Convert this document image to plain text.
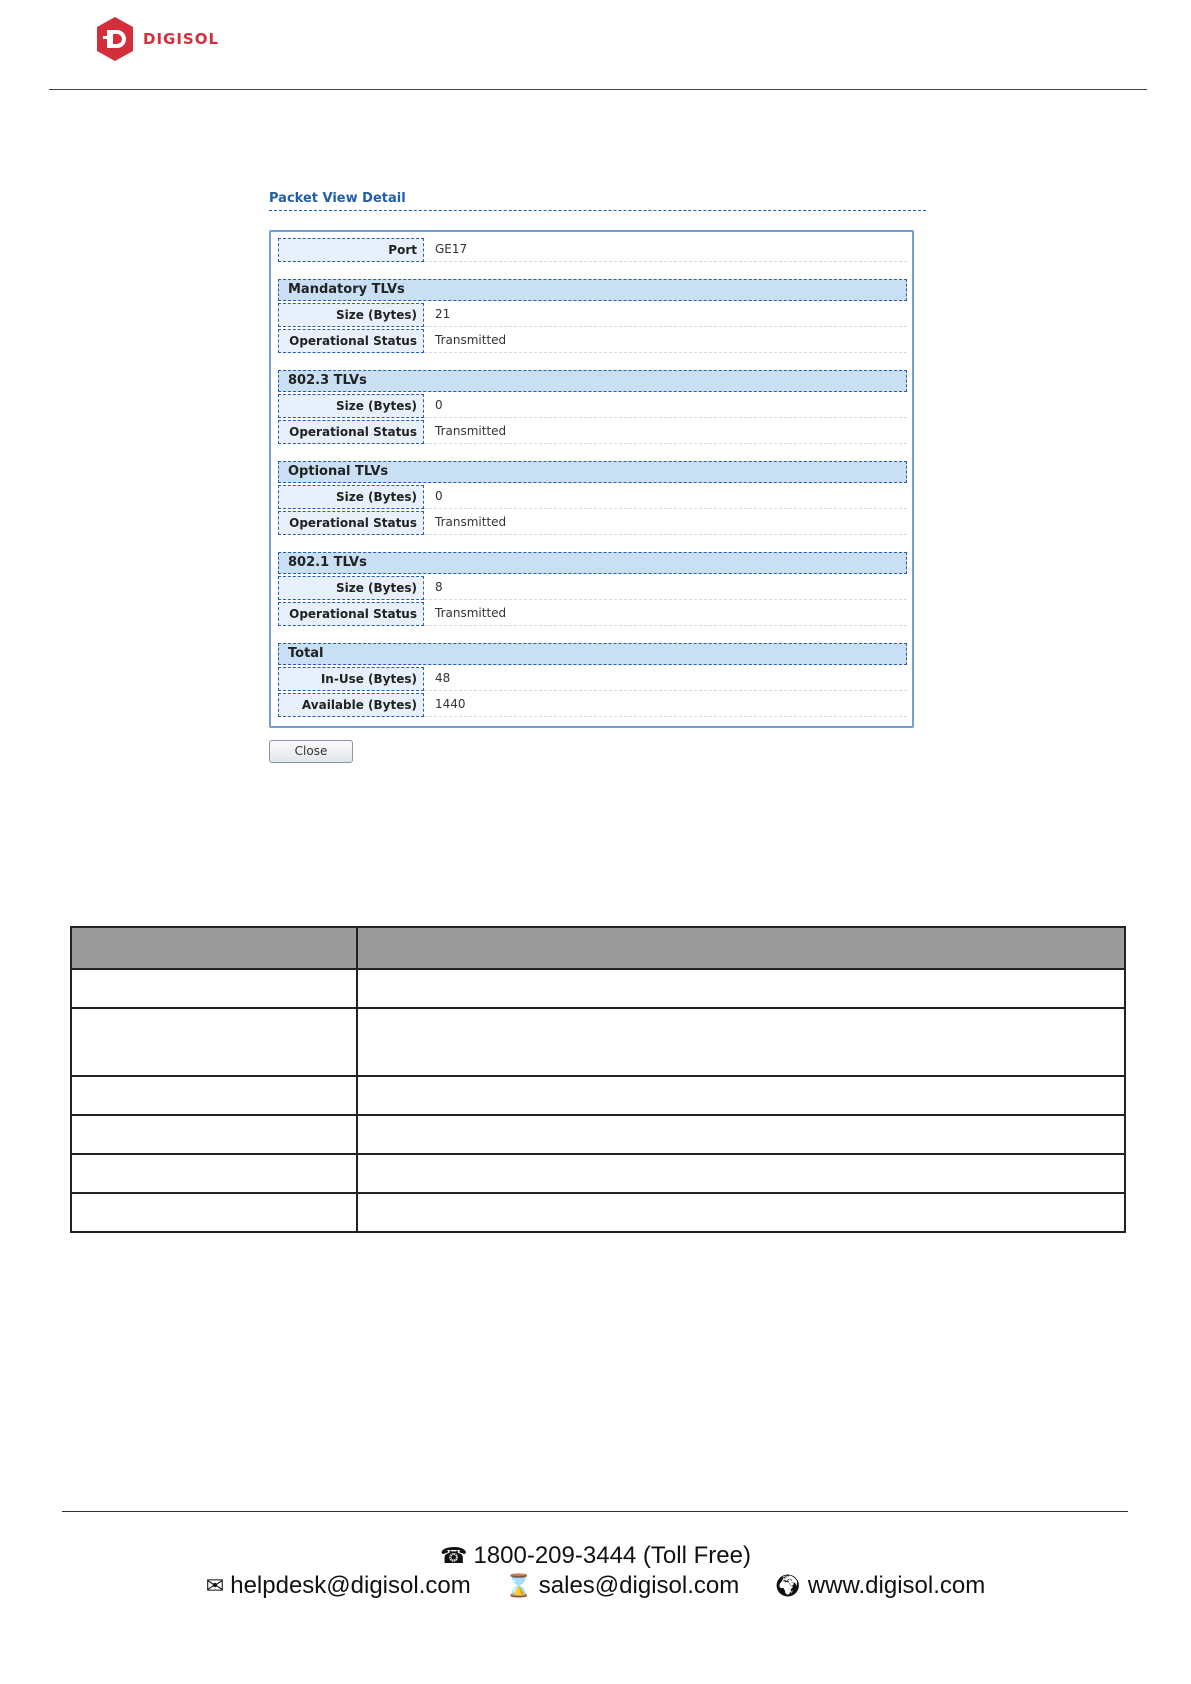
DIGISOL
Packet View Detail
Port	GE17
Mandatory TLVs
Size (Bytes)	21
Operational Status	Transmitted
802.3 TLVs
Size (Bytes)	0
Operational Status	Transmitted
Optional TLVs
Size (Bytes)	0
Operational Status	Transmitted
802.1 TLVs
Size (Bytes)	8
Operational Status	Transmitted
Total
In-Use (Bytes)	48
Available (Bytes)	1440
Close

☎ 1800-209-3444 (Toll Free)
✉ helpdesk@digisol.com ⌛ sales@digisol.com 🌍︎ www.digisol.com
